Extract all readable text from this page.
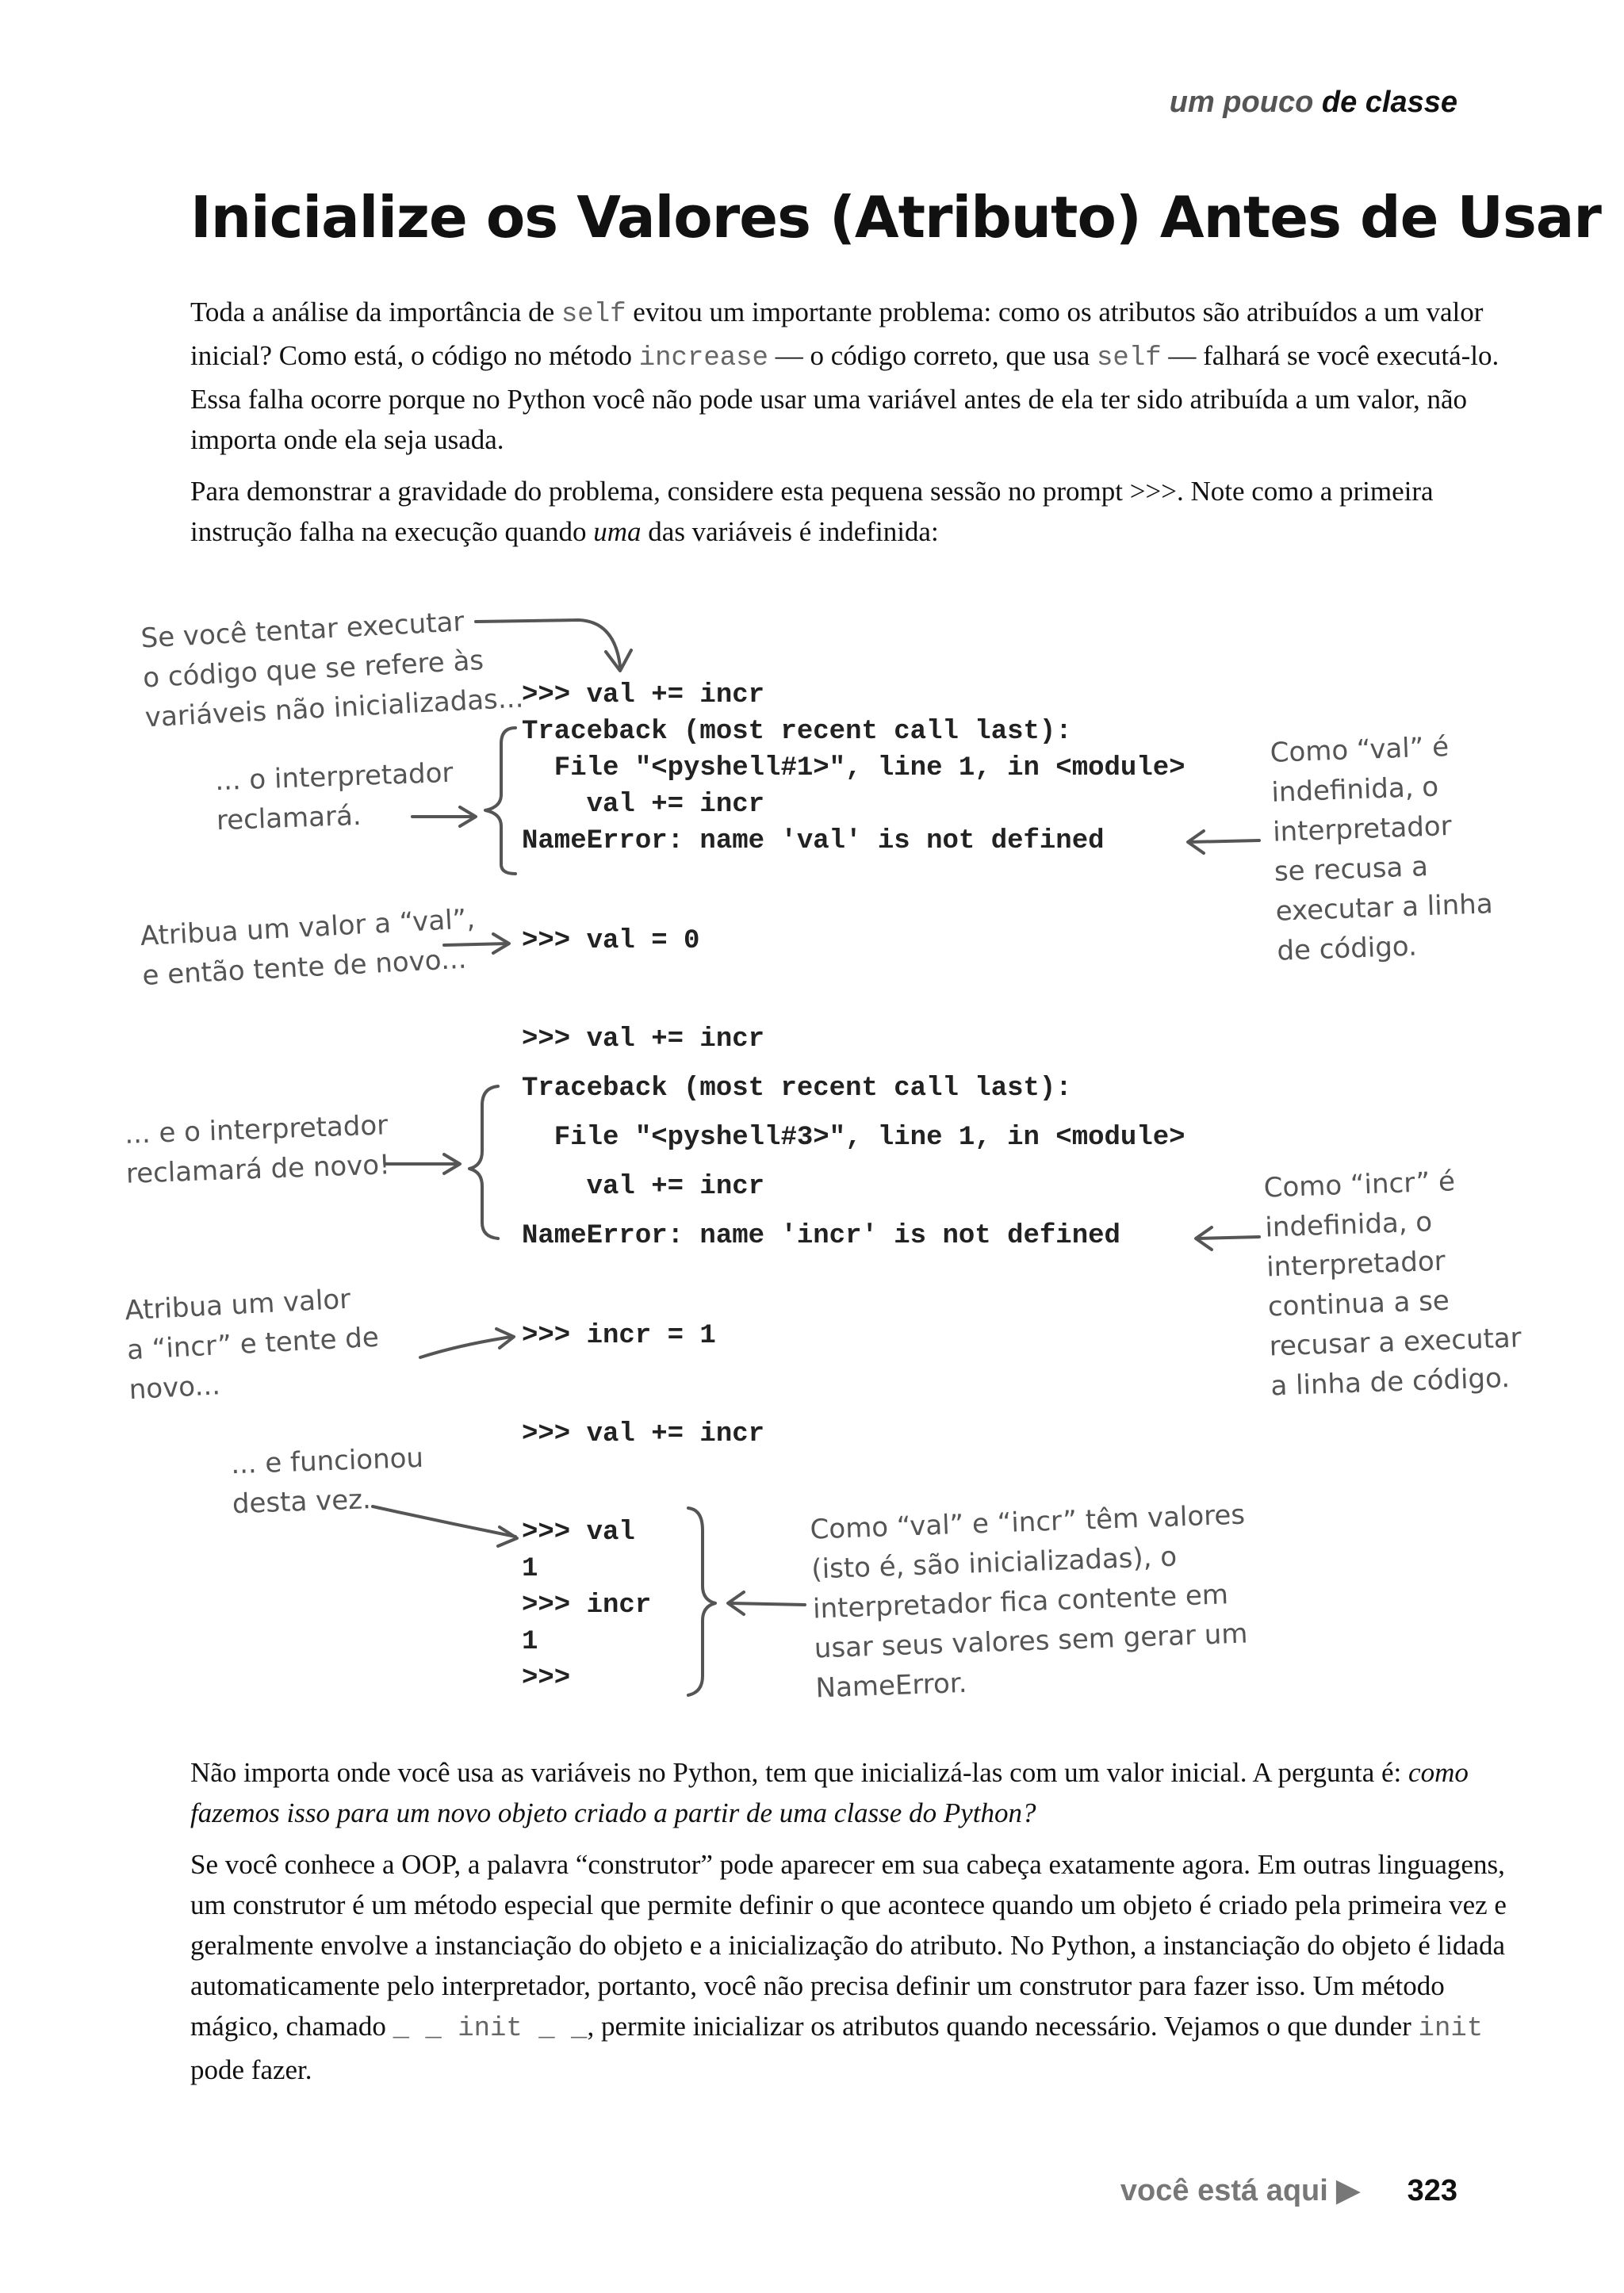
um pouco de classe
Inicialize os Valores (Atributo) Antes de Usar

Toda a análise da importância de self evitou um importante problema: como os atributos são atribuídos a um valor inicial? Como está, o código no método increase — o código correto, que usa self — falhará se você executá-lo. Essa falha ocorre porque no Python você não pode usar uma variável antes de ela ter sido atribuída a um valor, não importa onde ela seja usada.

Para demonstrar a gravidade do problema, considere esta pequena sessão no prompt >>>. Note como a primeira instrução falha na execução quando uma das variáveis é indefinida:

>>> val += incr
Traceback (most recent call last):
File "<pyshell#1>", line 1, in <module>
val += incr
NameError: name 'val' is not defined
>>> val = 0
>>> val += incr
Traceback (most recent call last):
File "<pyshell#3>", line 1, in <module>
val += incr
NameError: name 'incr' is not defined
>>> incr = 1
>>> val += incr
>>> val
1
>>> incr
1
>>>
Se você tentar executar
o código que se refere às
variáveis não inicializadas...
... o interpretador
reclamará.
Como “val” é
indefinida, o
interpretador
se recusa a
executar a linha
de código.
Atribua um valor a “val”,
e então tente de novo...
... e o interpretador
reclamará de novo!	Como “incr” é
indefinida, o
interpretador
continua a se
recusar a executar
a linha de código.
Atribua um valor
a “incr” e tente de
novo...
... e funcionou
desta vez.	Como “val” e “incr” têm valores
(isto é, são inicializadas), o
interpretador fica contente em
usar seus valores sem gerar um
NameError.

Não importa onde você usa as variáveis no Python, tem que inicializá-las com um valor inicial. A pergunta é: como fazemos isso para um novo objeto criado a partir de uma classe do Python?

Se você conhece a OOP, a palavra “construtor” pode aparecer em sua cabeça exatamente agora. Em outras linguagens, um construtor é um método especial que permite definir o que acontece quando um objeto é criado pela primeira vez e geralmente envolve a instanciação do objeto e a inicialização do atributo. No Python, a instanciação do objeto é lidada automaticamente pelo interpretador, portanto, você não precisa definir um construtor para fazer isso. Um método mágico, chamado _ _ init _ _, permite inicializar os atributos quando necessário. Vejamos o que dunder init pode fazer.

você está aqui ▶ 323
